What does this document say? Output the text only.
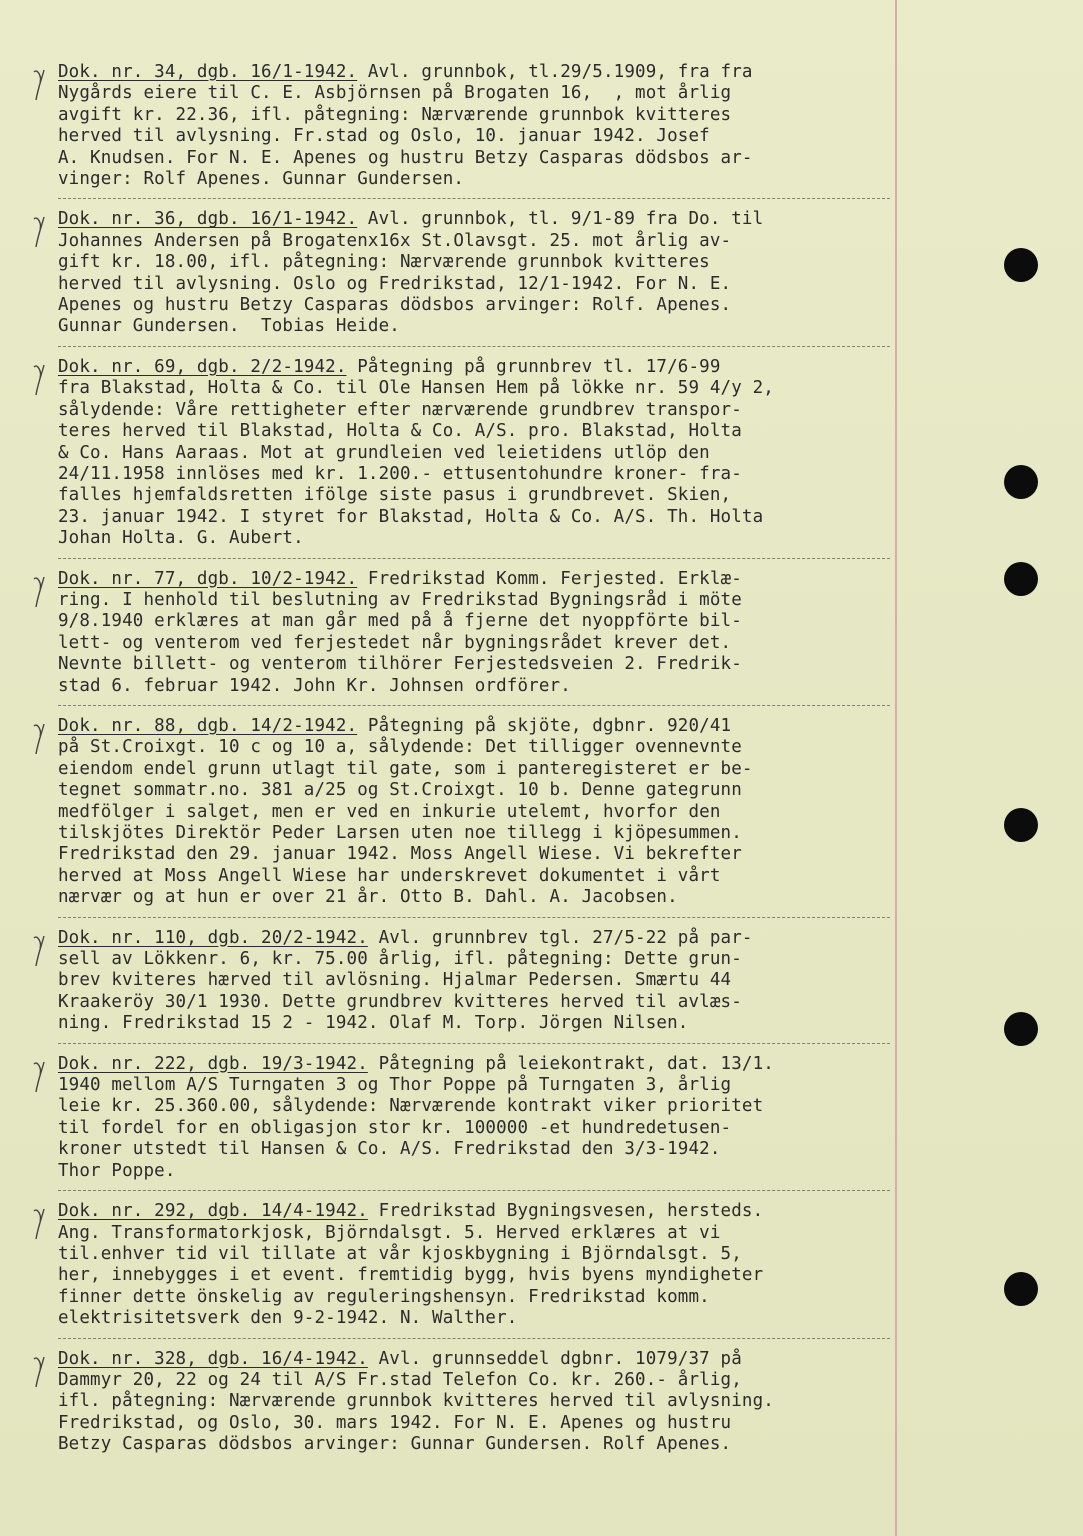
Dok. nr. 34, dgb. 16/1-1942. Avl. grunnbok, tl.29/5.1909, fra fra
Nygårds eiere til C. E. Asbjörnsen på Brogaten 16,  , mot årlig
avgift kr. 22.36, ifl. påtegning: Nærværende grunnbok kvitteres
herved til avlysning. Fr.stad og Oslo, 10. januar 1942. Josef
A. Knudsen. For N. E. Apenes og hustru Betzy Casparas dödsbos ar-
vinger: Rolf Apenes. Gunnar Gundersen.
Dok. nr. 36, dgb. 16/1-1942. Avl. grunnbok, tl. 9/1-89 fra Do. til
Johannes Andersen på Brogatenx16x St.Olavsgt. 25. mot årlig av-
gift kr. 18.00, ifl. påtegning: Nærværende grunnbok kvitteres
herved til avlysning. Oslo og Fredrikstad, 12/1-1942. For N. E.
Apenes og hustru Betzy Casparas dödsbos arvinger: Rolf. Apenes.
Gunnar Gundersen.  Tobias Heide.
Dok. nr. 69, dgb. 2/2-1942. Påtegning på grunnbrev tl. 17/6-99
fra Blakstad, Holta & Co. til Ole Hansen Hem på lökke nr. 59 4/y 2,
sålydende: Våre rettigheter efter nærværende grundbrev transpor-
teres herved til Blakstad, Holta & Co. A/S. pro. Blakstad, Holta
& Co. Hans Aaraas. Mot at grundleien ved leietidens utlöp den
24/11.1958 innlöses med kr. 1.200.- ettusentohundre kroner- fra-
falles hjemfaldsretten ifölge siste pasus i grundbrevet. Skien,
23. januar 1942. I styret for Blakstad, Holta & Co. A/S. Th. Holta
Johan Holta. G. Aubert.
Dok. nr. 77, dgb. 10/2-1942. Fredrikstad Komm. Ferjested. Erklæ-
ring. I henhold til beslutning av Fredrikstad Bygningsråd i möte
9/8.1940 erklæres at man går med på å fjerne det nyoppförte bil-
lett- og venterom ved ferjestedet når bygningsrådet krever det.
Nevnte billett- og venterom tilhörer Ferjestedsveien 2. Fredrik-
stad 6. februar 1942. John Kr. Johnsen ordförer.
Dok. nr. 88, dgb. 14/2-1942. Påtegning på skjöte, dgbnr. 920/41
på St.Croixgt. 10 c og 10 a, sålydende: Det tilligger ovennevnte
eiendom endel grunn utlagt til gate, som i panteregisteret er be-
tegnet sommatr.no. 381 a/25 og St.Croixgt. 10 b. Denne gategrunn
medfölger i salget, men er ved en inkurie utelemt, hvorfor den
tilskjötes Direktör Peder Larsen uten noe tillegg i kjöpesummen.
Fredrikstad den 29. januar 1942. Moss Angell Wiese. Vi bekrefter
herved at Moss Angell Wiese har underskrevet dokumentet i vårt
nærvær og at hun er over 21 år. Otto B. Dahl. A. Jacobsen.
Dok. nr. 110, dgb. 20/2-1942. Avl. grunnbrev tgl. 27/5-22 på par-
sell av Lökkenr. 6, kr. 75.00 årlig, ifl. påtegning: Dette grun-
brev kviteres hærved til avlösning. Hjalmar Pedersen. Smærtu 44
Kraakeröy 30/1 1930. Dette grundbrev kvitteres herved til avlæs-
ning. Fredrikstad 15 2 - 1942. Olaf M. Torp. Jörgen Nilsen.
Dok. nr. 222, dgb. 19/3-1942. Påtegning på leiekontrakt, dat. 13/1.
1940 mellom A/S Turngaten 3 og Thor Poppe på Turngaten 3, årlig
leie kr. 25.360.00, sålydende: Nærværende kontrakt viker prioritet
til fordel for en obligasjon stor kr. 100000 -et hundredetusen-
kroner utstedt til Hansen & Co. A/S. Fredrikstad den 3/3-1942.
Thor Poppe.
Dok. nr. 292, dgb. 14/4-1942. Fredrikstad Bygningsvesen, hersteds.
Ang. Transformatorkjosk, Björndalsgt. 5. Herved erklæres at vi
til.enhver tid vil tillate at vår kjoskbygning i Björndalsgt. 5,
her, innebygges i et event. fremtidig bygg, hvis byens myndigheter
finner dette önskelig av reguleringshensyn. Fredrikstad komm.
elektrisitetsverk den 9-2-1942. N. Walther.
Dok. nr. 328, dgb. 16/4-1942. Avl. grunnseddel dgbnr. 1079/37 på
Dammyr 20, 22 og 24 til A/S Fr.stad Telefon Co. kr. 260.- årlig,
ifl. påtegning: Nærværende grunnbok kvitteres herved til avlysning.
Fredrikstad, og Oslo, 30. mars 1942. For N. E. Apenes og hustru
Betzy Casparas dödsbos arvinger: Gunnar Gundersen. Rolf Apenes.
